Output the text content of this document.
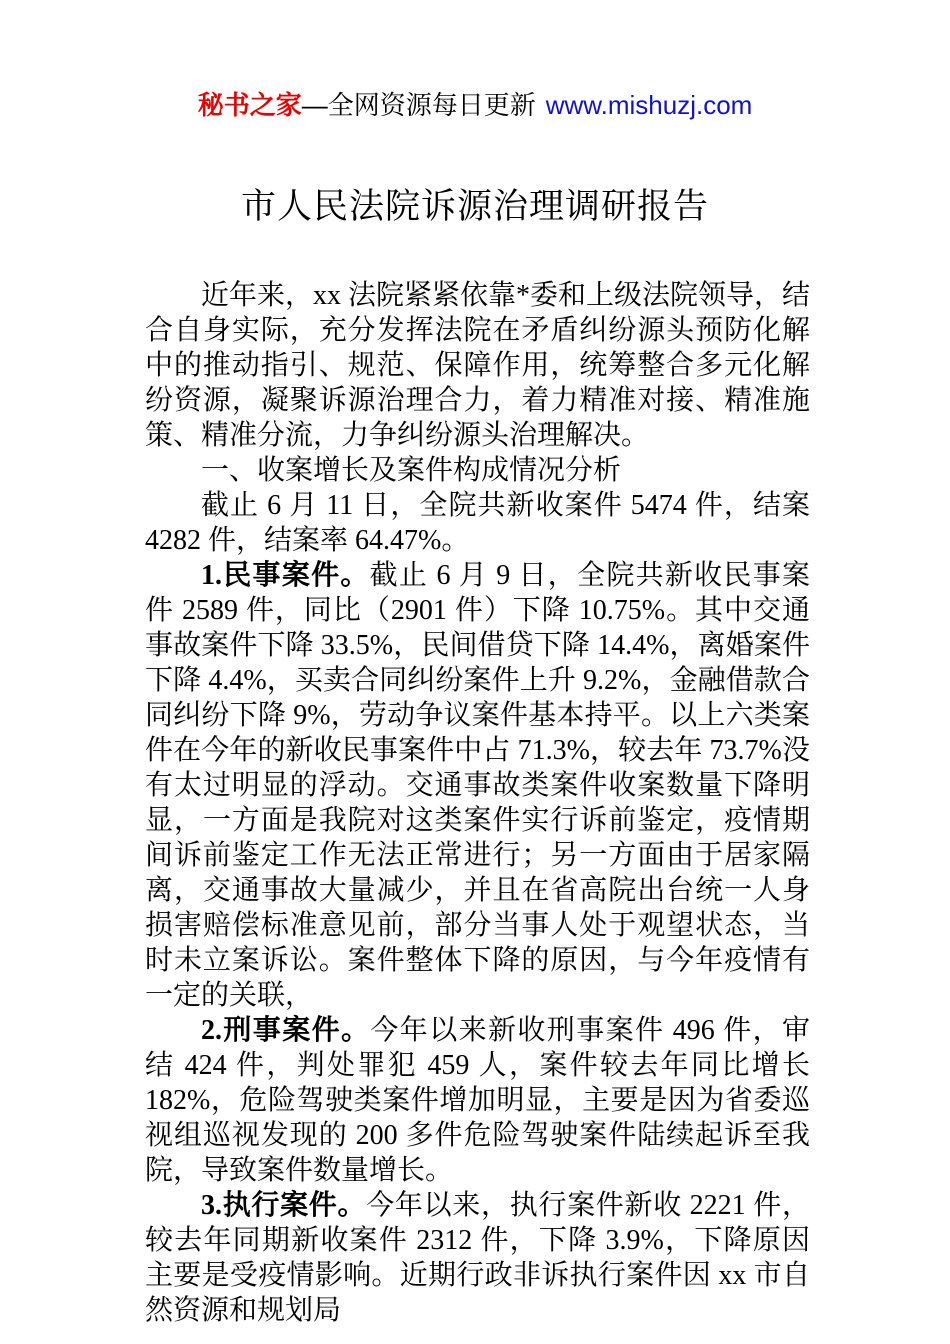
秘书之家—全网资源每日更新 www.mishuzj.com
市人民法院诉源治理调研报告

近年来，xx 法院紧紧依靠*委和上级法院领导，结合自身实际，充分发挥法院在矛盾纠纷源头预防化解中的推动指引、规范、保障作用，统筹整合多元化解纷资源，凝聚诉源治理合力，着力精准对接、精准施策、精准分流，力争纠纷源头治理解决。

一、收案增长及案件构成情况分析

截止 6 月 11 日，全院共新收案件 5474 件，结案 4282 件，结案率 64.47%。

1.民事案件。截止 6 月 9 日，全院共新收民事案件 2589 件，同比（2901 件）下降 10.75%。其中交通事故案件下降 33.5%，民间借贷下降 14.4%，离婚案件下降 4.4%，买卖合同纠纷案件上升 9.2%，金融借款合同纠纷下降 9%，劳动争议案件基本持平。以上六类案件在今年的新收民事案件中占 71.3%，较去年 73.7%没有太过明显的浮动。交通事故类案件收案数量下降明显，一方面是我院对这类案件实行诉前鉴定，疫情期间诉前鉴定工作无法正常进行；另一方面由于居家隔离，交通事故大量减少，并且在省高院出台统一人身损害赔偿标准意见前，部分当事人处于观望状态，当时未立案诉讼。案件整体下降的原因，与今年疫情有一定的关联，

2.刑事案件。今年以来新收刑事案件 496 件，审结 424 件，判处罪犯 459 人，案件较去年同比增长 182%，危险驾驶类案件增加明显，主要是因为省委巡视组巡视发现的 200 多件危险驾驶案件陆续起诉至我院，导致案件数量增长。

3.执行案件。今年以来，执行案件新收 2221 件，较去年同期新收案件 2312 件，下降 3.9%，下降原因主要是受疫情影响。近期行政非诉执行案件因 xx 市自然资源和规划局
